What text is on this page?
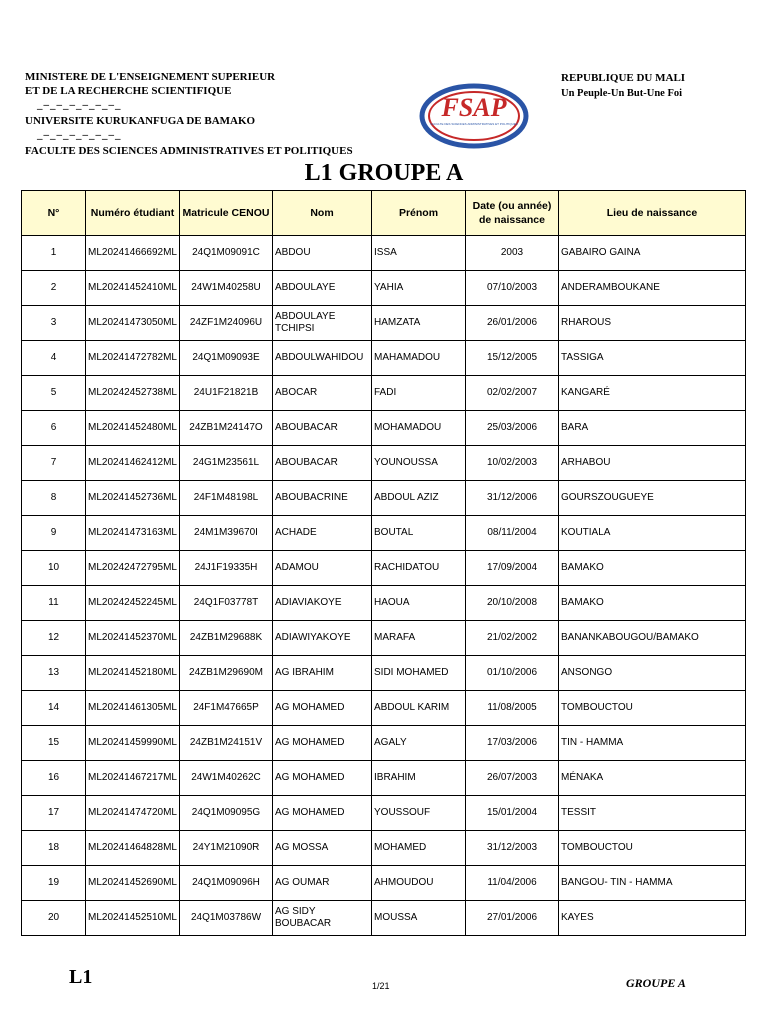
MINISTERE DE L'ENSEIGNEMENT SUPERIEUR
ET DE LA RECHERCHE SCIENTIFIQUE
_–_–_–_–_–_–_
UNIVERSITE KURUKANFUGA DE BAMAKO
_–_–_–_–_–_–_
FACULTE DES SCIENCES ADMINISTRATIVES ET POLITIQUES
REPUBLIQUE DU MALI
Un Peuple-Un But-Une Foi
FSAP
FACULTE DES SCIENCES ADMINISTRATIVES ET POLITIQUES
L1 GROUPE A
N°	Numéro étudiant	Matricule CENOU	Nom	Prénom	Date (ou année) de naissance	Lieu de naissance
1	ML20241466692ML	24Q1M09091C	ABDOU	ISSA	2003	GABAIRO GAINA
2	ML20241452410ML	24W1M40258U	ABDOULAYE	YAHIA	07/10/2003	ANDERAMBOUKANE
3	ML20241473050ML	24ZF1M24096U	ABDOULAYE TCHIPSI	HAMZATA	26/01/2006	RHAROUS
4	ML20241472782ML	24Q1M09093E	ABDOULWAHIDOU	MAHAMADOU	15/12/2005	TASSIGA
5	ML20242452738ML	24U1F21821B	ABOCAR	FADI	02/02/2007	KANGARÉ
6	ML20241452480ML	24ZB1M24147O	ABOUBACAR	MOHAMADOU	25/03/2006	BARA
7	ML20241462412ML	24G1M23561L	ABOUBACAR	YOUNOUSSA	10/02/2003	ARHABOU
8	ML20241452736ML	24F1M48198L	ABOUBACRINE	ABDOUL AZIZ	31/12/2006	GOURSZOUGUEYE
9	ML20241473163ML	24M1M39670I	ACHADE	BOUTAL	08/11/2004	KOUTIALA
10	ML20242472795ML	24J1F19335H	ADAMOU	RACHIDATOU	17/09/2004	BAMAKO
11	ML20242452245ML	24Q1F03778T	ADIAVIAKOYE	HAOUA	20/10/2008	BAMAKO
12	ML20241452370ML	24ZB1M29688K	ADIAWIYAKOYE	MARAFA	21/02/2002	BANANKABOUGOU/BAMAKO
13	ML20241452180ML	24ZB1M29690M	AG IBRAHIM	SIDI MOHAMED	01/10/2006	ANSONGO
14	ML20241461305ML	24F1M47665P	AG MOHAMED	ABDOUL KARIM	11/08/2005	TOMBOUCTOU
15	ML20241459990ML	24ZB1M24151V	AG MOHAMED	AGALY	17/03/2006	TIN - HAMMA
16	ML20241467217ML	24W1M40262C	AG MOHAMED	IBRAHIM	26/07/2003	MÉNAKA
17	ML20241474720ML	24Q1M09095G	AG MOHAMED	YOUSSOUF	15/01/2004	TESSIT
18	ML20241464828ML	24Y1M21090R	AG MOSSA	MOHAMED	31/12/2003	TOMBOUCTOU
19	ML20241452690ML	24Q1M09096H	AG OUMAR	AHMOUDOU	11/04/2006	BANGOU- TIN - HAMMA
20	ML20241452510ML	24Q1M03786W	AG SIDY BOUBACAR	MOUSSA	27/01/2006	KAYES
L1	1/21	GROUPE A
